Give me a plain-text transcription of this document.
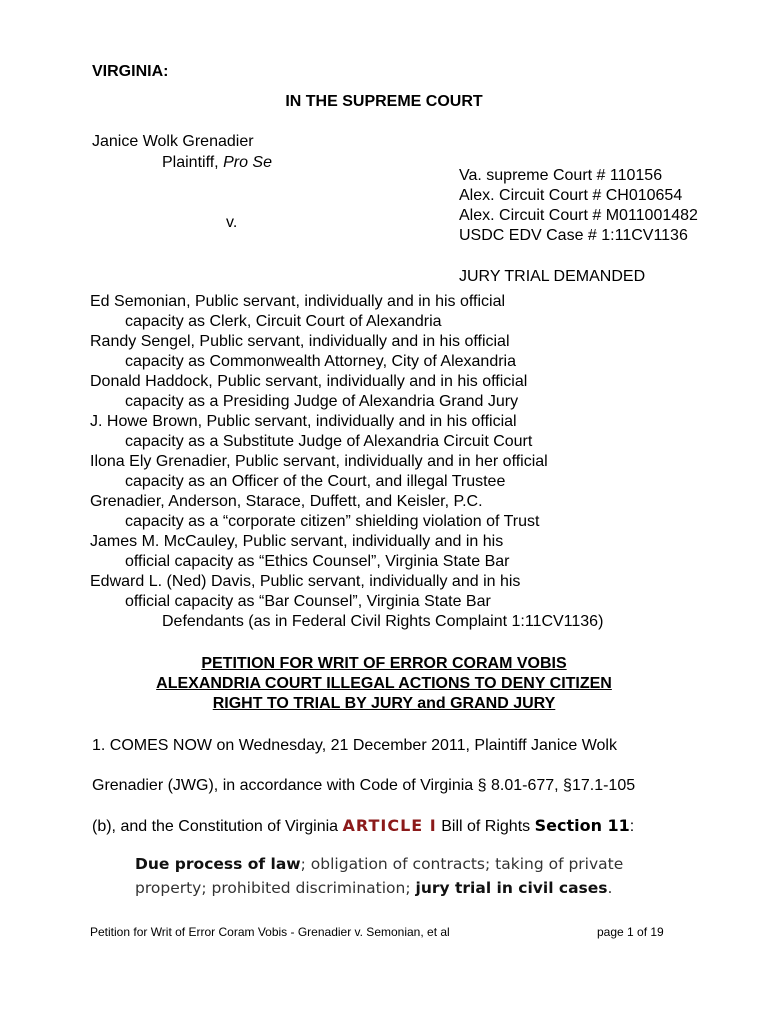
VIRGINIA:
IN THE SUPREME COURT
Janice Wolk Grenadier
Plaintiff, Pro Se
v.
Va. supreme Court # 110156
Alex. Circuit Court # CH010654
Alex. Circuit Court # M011001482
USDC EDV Case # 1:11CV1136
JURY TRIAL DEMANDED
Ed Semonian, Public servant, individually and in his official
capacity as Clerk, Circuit Court of Alexandria
Randy Sengel, Public servant, individually and in his official
capacity as Commonwealth Attorney, City of Alexandria
Donald Haddock, Public servant, individually and in his official
capacity as a Presiding Judge of Alexandria Grand Jury
J. Howe Brown, Public servant, individually and in his official
capacity as a Substitute Judge of Alexandria Circuit Court
Ilona Ely Grenadier, Public servant, individually and in her official
capacity as an Officer of the Court, and illegal Trustee
Grenadier, Anderson, Starace, Duffett, and Keisler, P.C.
capacity as a “corporate citizen” shielding violation of Trust
James M. McCauley, Public servant, individually and in his
official capacity as “Ethics Counsel”, Virginia State Bar
Edward L. (Ned) Davis, Public servant, individually and in his
official capacity as “Bar Counsel”, Virginia State Bar
Defendants (as in Federal Civil Rights Complaint 1:11CV1136)
PETITION FOR WRIT OF ERROR CORAM VOBIS
ALEXANDRIA COURT ILLEGAL ACTIONS TO DENY CITIZEN
RIGHT TO TRIAL BY JURY and GRAND JURY
1. COMES NOW on Wednesday, 21 December 2011, Plaintiff Janice Wolk
Grenadier (JWG), in accordance with Code of Virginia § 8.01-677, §17.1-105
(b), and the Constitution of Virginia ARTICLE I Bill of Rights Section 11:
Due process of law; obligation of contracts; taking of private
property; prohibited discrimination; jury trial in civil cases.
Petition for Writ of Error Coram Vobis - Grenadier v. Semonian, et al	page 1 of 19
